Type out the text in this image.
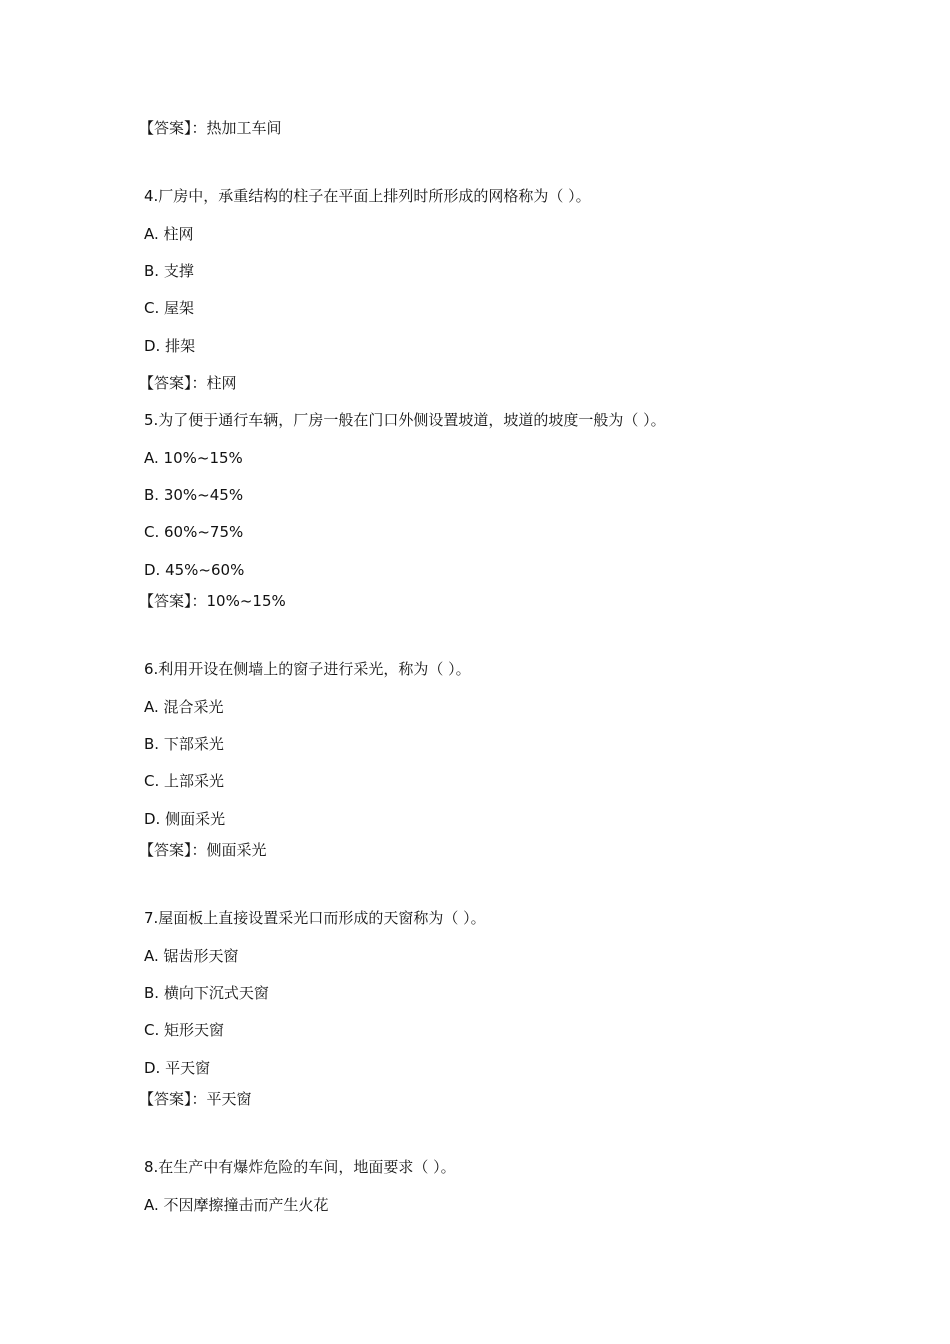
【答案】：热加工车间
4.厂房中，承重结构的柱子在平面上排列时所形成的网格称为（ ）。
A. 柱网
B. 支撑
C. 屋架
D. 排架
【答案】：柱网
5.为了便于通行车辆，厂房一般在门口外侧设置坡道，坡道的坡度一般为（ ）。
A. 10%~15%
B. 30%~45%
C. 60%~75%
D. 45%~60%
【答案】：10%~15%
6.利用开设在侧墙上的窗子进行采光，称为（ ）。
A. 混合采光
B. 下部采光
C. 上部采光
D. 侧面采光
【答案】：侧面采光
7.屋面板上直接设置采光口而形成的天窗称为（ ）。
A. 锯齿形天窗
B. 横向下沉式天窗
C. 矩形天窗
D. 平天窗
【答案】：平天窗
8.在生产中有爆炸危险的车间，地面要求（ ）。
A. 不因摩擦撞击而产生火花
